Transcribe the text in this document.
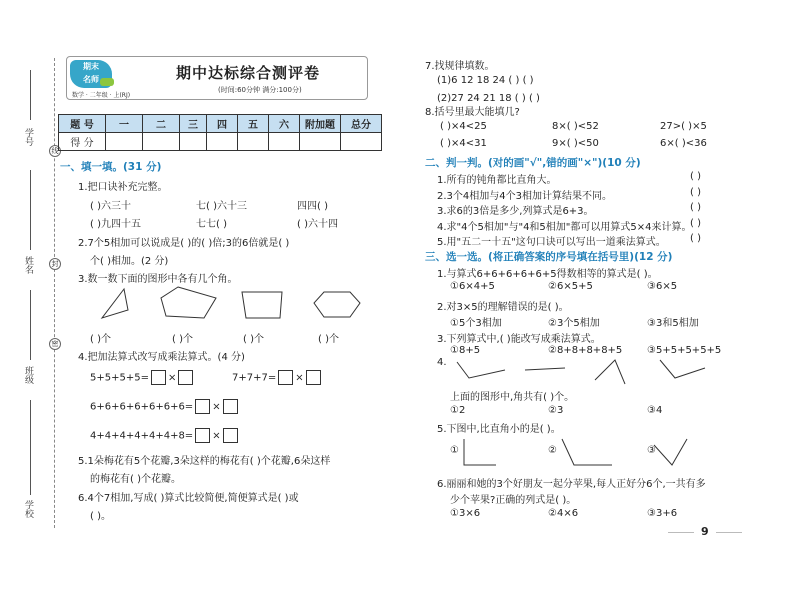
学号
姓名
班级
学校
线
封
密
期末
名师	期中达标综合测评卷
(时间:60分钟 满分:100分)
数学 · 二年级 · 上(RJ)
题 号	一	二	三	四	五	六	附加题	总分
得 分								
一、填一填。(31 分)
1.把口诀补充完整。
( )六三十	七( )六十三	四四( )
( )九四十五	七七( )	( )六十四
2.7个5相加可以说成是( )的( )倍;3的6倍就是( )
个( )相加。(2 分)
3.数一数下面的图形中各有几个角。
( )个	( )个	( )个	( )个
4.把加法算式改写成乘法算式。(4 分)
5+5+5+5= ×	7+7+7= ×
6+6+6+6+6+6+6= ×
4+4+4+4+4+4+8= ×
5.1朵梅花有5个花瓣,3朵这样的梅花有( )个花瓣,6朵这样
的梅花有( )个花瓣。
6.4个7相加,写成( )算式比较简便,简便算式是( )或
( )。
7.找规律填数。
(1)6 12 18 24 ( ) ( )
(2)27 24 21 18 ( ) ( )
8.括号里最大能填几?
( )×4<25	8×( )<52	27>( )×5
( )×4<31	9×( )<50	6×( )<36
二、判一判。(对的画"√",错的画"×")(10 分)
1.所有的钝角都比直角大。	( )
2.3个4相加与4个3相加计算结果不同。	( )
3.求6的3倍是多少,列算式是6+3。	( )
4.求"4个5相加"与"4和5相加"都可以用算式5×4来计算。
( )
5.用"五二一十五"这句口诀可以写出一道乘法算式。 ( )
三、选一选。(将正确答案的序号填在括号里)(12 分)
1.与算式6+6+6+6+6+5得数相等的算式是( )。
①6×4+5	②6×5+5	③6×5
2.对3×5的理解错误的是( )。
①5个3相加	②3个5相加	③3和5相加
3.下列算式中,( )能改写成乘法算式。
①8+5	②8+8+8+8+5 ③5+5+5+5+5
4.
上面的图形中,角共有( )个。
①2	②3	③4
5.下图中,比直角小的是( )。
①	②	③
6.丽丽和她的3个好朋友一起分苹果,每人正好分6个,一共有多
少个苹果?正确的列式是( )。
①3×6	②4×6	③3+6
9
